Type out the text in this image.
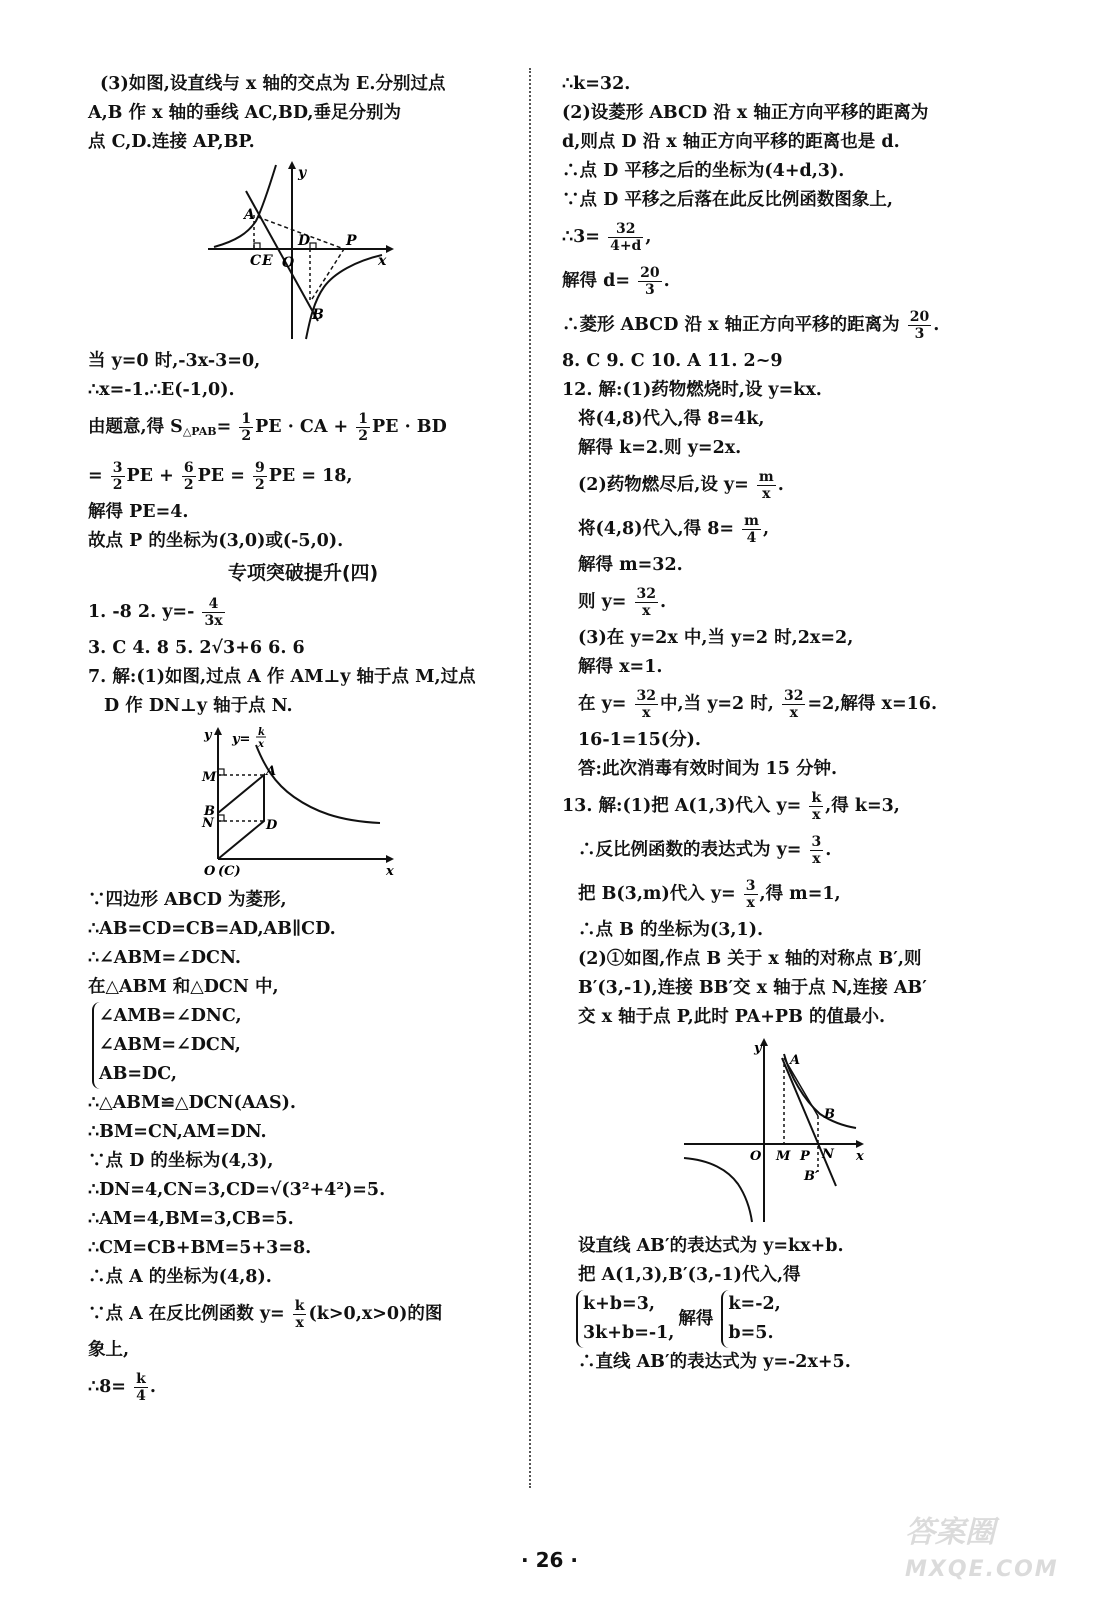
(3)如图,设直线与 x 轴的交点为 E.分别过点
A,B 作 x 轴的垂线 AC,BD,垂足分别为
点 C,D.连接 AP,BP.
y
x
A
P
C E O
D
B
当 y=0 时,-3x-3=0,
∴x=-1.∴E(-1,0).
由题意,得 $S_{\triangle PAB}= \frac{1}{2}$ PE · CA + $\frac{1}{2}$ PE · BD
= $\frac{3}{2}$ PE + $\frac{6}{2}$ PE = $\frac{9}{2}$ PE = 18,
解得 PE=4.
故点 P 的坐标为(3,0)或(-5,0).
专项突破提升(四)
1. -8 2. $y=- \frac{4}{3x}$
3. C 4. 8 5. 2√3+6 6. 6
7. 解:(1)如图,过点 A 作 AM⊥y 轴于点 M,过点
D 作 DN⊥y 轴于点 N.
y
x
y= k
x
M	A
B
N	D
O (C)
∵四边形 ABCD 为菱形,
∴AB=CD=CB=AD,AB∥CD.
∴∠ABM=∠DCN.
在△ABM 和△DCN 中,
∠AMB=∠DNC,
∠ABM=∠DCN,
AB=DC,
∴△ABM≌△DCN(AAS).
∴BM=CN,AM=DN.
∵点 D 的坐标为(4,3),
∴DN=4,CN=3,CD=√(3²+4²)=5.
∴AM=4,BM=3,CB=5.
∴CM=CB+BM=5+3=8.
∴点 A 的坐标为(4,8).
∵点 A 在反比例函数 $y= \frac{k}{x} (k>0,x>0)$的图
象上,
∴8= $\frac{k}{4}$ .
∴k=32.
(2)设菱形 ABCD 沿 x 轴正方向平移的距离为
d,则点 D 沿 x 轴正方向平移的距离也是 d.
∴点 D 平移之后的坐标为(4+d,3).
∵点 D 平移之后落在此反比例函数图象上,
∴3= $\frac{32}{4+d}$ ,
解得 $d= \frac{20}{3}$ .
∴菱形 ABCD 沿 x 轴正方向平移的距离为 $\frac{20}{3}$ .
8. C 9. C 10. A 11. 2~9
12. 解:(1)药物燃烧时,设 y=kx.
将(4,8)代入,得 8=4k,
解得 k=2.则 y=2x.
(2)药物燃尽后,设 $y= \frac{m}{x}$ .
将(4,8)代入,得 $8= \frac{m}{4}$ ,
解得 m=32.
则 $y= \frac{32}{x}$ .
(3)在 y=2x 中,当 y=2 时,2x=2,
解得 x=1.
在 $y= \frac{32}{x}$ 中,当 y=2 时, $\frac{32}{x} =2$,解得 x=16.
16-1=15(分).
答:此次消毒有效时间为 15 分钟.
13. 解:(1)把 A(1,3)代入 $y= \frac{k}{x}$ ,得 k=3,
∴反比例函数的表达式为 $y= \frac{3}{x}$ .
把 B(3,m)代入 $y= \frac{3}{x}$ ,得 m=1,
∴点 B 的坐标为(3,1).
(2)①如图,作点 B 关于 x 轴的对称点 B′,则
B′(3,-1),连接 BB′交 x 轴于点 N,连接 AB′
交 x 轴于点 P,此时 PA+PB 的值最小.
y
x
A
B
O M P N
B′
设直线 AB′的表达式为 y=kx+b.
把 A(1,3),B′(3,-1)代入,得
k+b=3,
3k+b=-1,
解得
k=-2,
b=5.
∴直线 AB′的表达式为 y=-2x+5.
· 26 ·
答案圈
MXQE.COM
